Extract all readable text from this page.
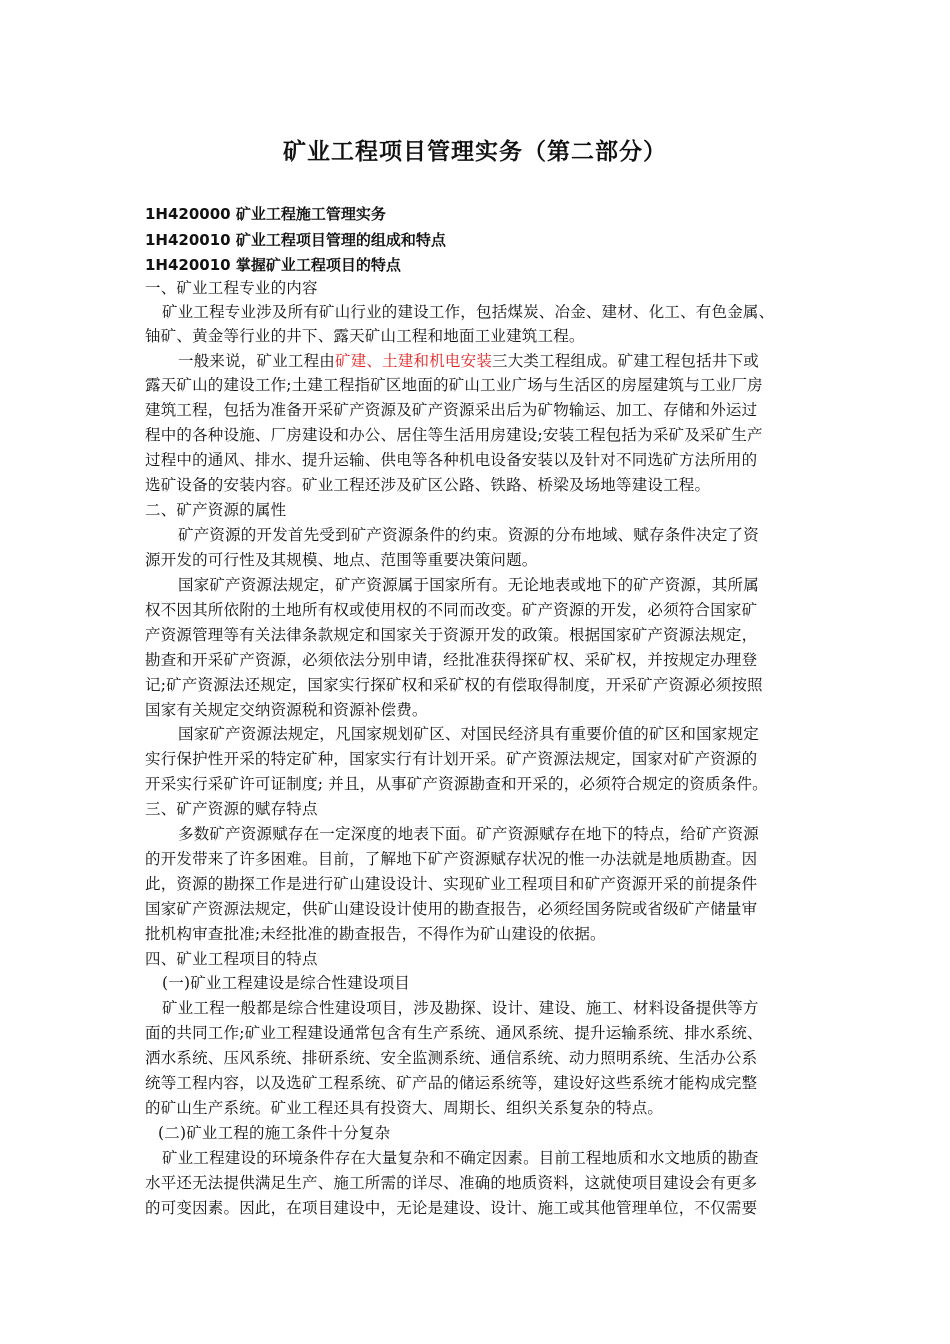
矿业工程项目管理实务（第二部分）
1H420000 矿业工程施工管理实务
1H420010 矿业工程项目管理的组成和特点
1H420010 掌握矿业工程项目的特点
一、矿业工程专业的内容
矿业工程专业涉及所有矿山行业的建设工作，包括煤炭、冶金、建材、化工、有色金属、
铀矿、黄金等行业的井下、露天矿山工程和地面工业建筑工程。
一般来说，矿业工程由矿建、土建和机电安装三大类工程组成。矿建工程包括井下或
露天矿山的建设工作;土建工程指矿区地面的矿山工业广场与生活区的房屋建筑与工业厂房
建筑工程，包括为准备开采矿产资源及矿产资源采出后为矿物输运、加工、存储和外运过
程中的各种设施、厂房建设和办公、居住等生活用房建设;安装工程包括为采矿及采矿生产
过程中的通风、排水、提升运输、供电等各种机电设备安装以及针对不同选矿方法所用的
选矿设备的安装内容。矿业工程还涉及矿区公路、铁路、桥梁及场地等建设工程。
二、矿产资源的属性
矿产资源的开发首先受到矿产资源条件的约束。资源的分布地域、赋存条件决定了资
源开发的可行性及其规模、地点、范围等重要决策问题。
国家矿产资源法规定，矿产资源属于国家所有。无论地表或地下的矿产资源，其所属
权不因其所依附的土地所有权或使用权的不同而改变。矿产资源的开发，必须符合国家矿
产资源管理等有关法律条款规定和国家关于资源开发的政策。根据国家矿产资源法规定，
勘查和开采矿产资源，必须依法分别申请，经批准获得探矿权、采矿权，并按规定办理登
记;矿产资源法还规定，国家实行探矿权和采矿权的有偿取得制度，开采矿产资源必须按照
国家有关规定交纳资源税和资源补偿费。
国家矿产资源法规定，凡国家规划矿区、对国民经济具有重要价值的矿区和国家规定
实行保护性开采的特定矿种，国家实行有计划开采。矿产资源法规定，国家对矿产资源的
开采实行采矿许可证制度; 并且，从事矿产资源勘查和开采的，必须符合规定的资质条件。
三、矿产资源的赋存特点
多数矿产资源赋存在一定深度的地表下面。矿产资源赋存在地下的特点，给矿产资源
的开发带来了许多困难。目前，了解地下矿产资源赋存状况的惟一办法就是地质勘查。因
此，资源的勘探工作是进行矿山建设设计、实现矿业工程项目和矿产资源开采的前提条件
国家矿产资源法规定，供矿山建设设计使用的勘查报告，必须经国务院或省级矿产储量审
批机构审查批准;未经批准的勘查报告，不得作为矿山建设的依据。
四、矿业工程项目的特点
(一)矿业工程建设是综合性建设项目
矿业工程一般都是综合性建设项目，涉及勘探、设计、建设、施工、材料设备提供等方
面的共同工作;矿业工程建设通常包含有生产系统、通风系统、提升运输系统、排水系统、
洒水系统、压风系统、排研系统、安全监测系统、通信系统、动力照明系统、生活办公系
统等工程内容，以及选矿工程系统、矿产品的储运系统等，建设好这些系统才能构成完整
的矿山生产系统。矿业工程还具有投资大、周期长、组织关系复杂的特点。
(二)矿业工程的施工条件十分复杂
矿业工程建设的环境条件存在大量复杂和不确定因素。目前工程地质和水文地质的勘查
水平还无法提供满足生产、施工所需的详尽、准确的地质资料，这就使项目建设会有更多
的可变因素。因此，在项目建设中，无论是建设、设计、施工或其他管理单位，不仅需要
